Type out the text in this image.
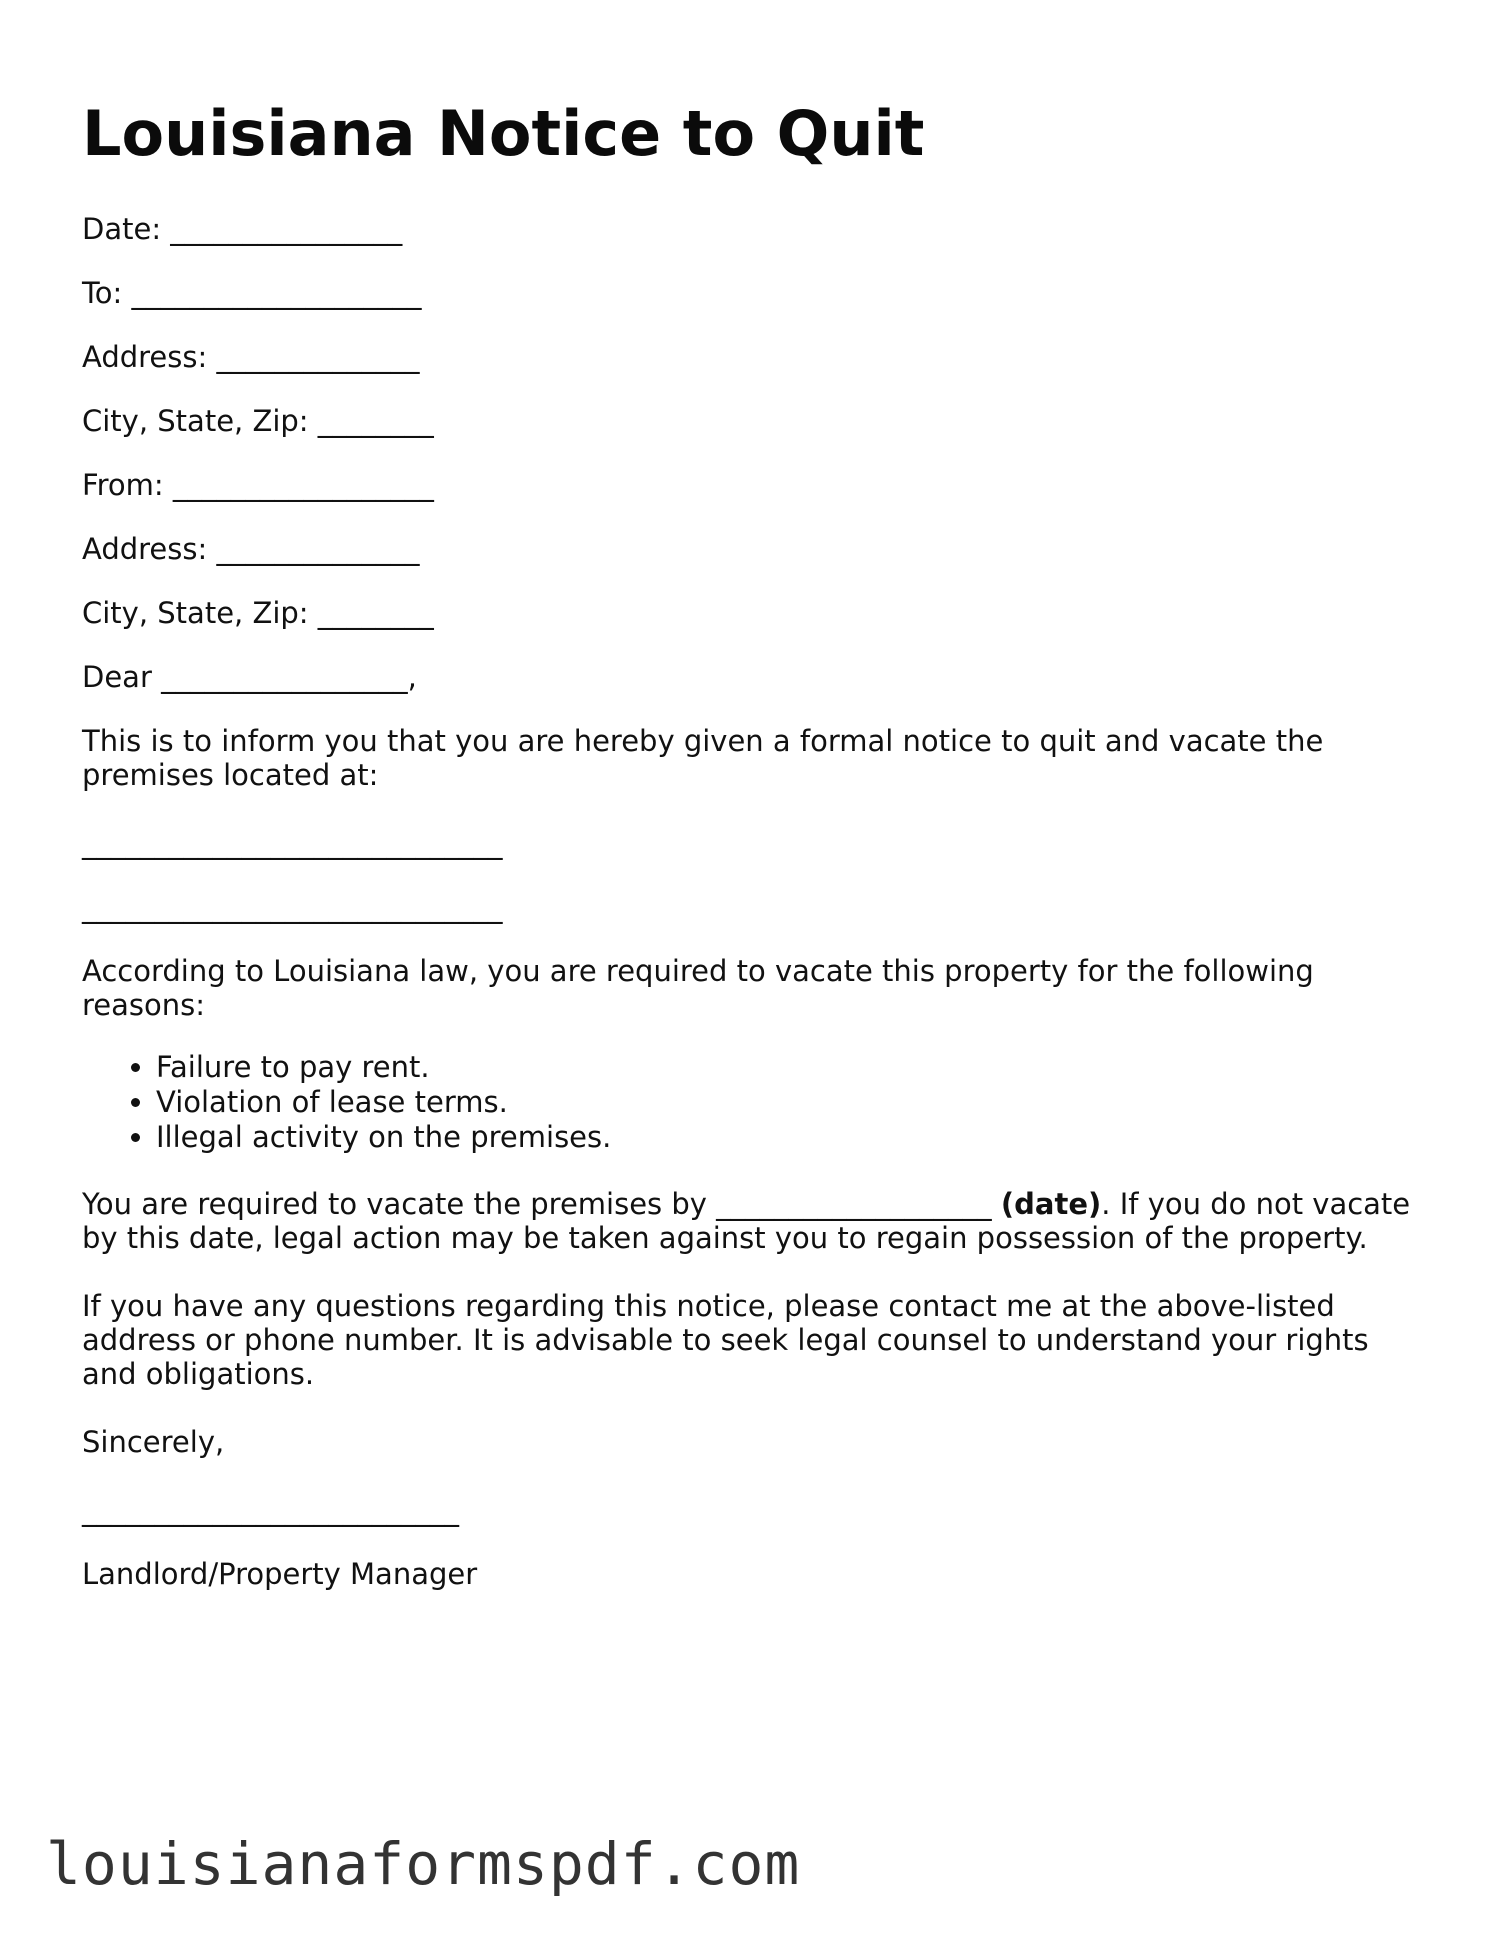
Louisiana Notice to Quit

Date: ________________

To: ____________________

Address: ______________

City, State, Zip: ________

From: __________________

Address: ______________

City, State, Zip: ________

Dear _________________,

This is to inform you that you are hereby given a formal notice to quit and vacate the premises located at:

_____________________________

_____________________________

According to Louisiana law, you are required to vacate this property for the following reasons:

• Failure to pay rent.
• Violation of lease terms.
• Illegal activity on the premises.

You are required to vacate the premises by ___________________ (date). If you do not vacate by this date, legal action may be taken against you to regain possession of the property.

If you have any questions regarding this notice, please contact me at the above-listed address or phone number. It is advisable to seek legal counsel to understand your rights and obligations.

Sincerely,

__________________________

Landlord/Property Manager

louisianaformspdf.com
